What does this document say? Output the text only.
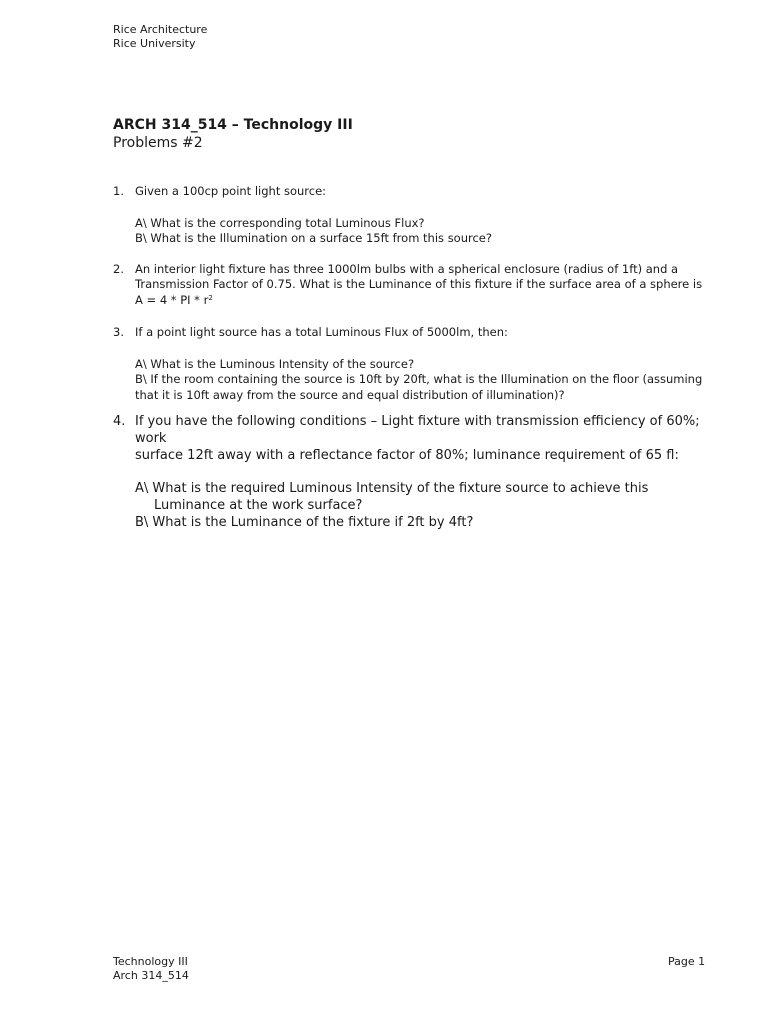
Rice Architecture
Rice University
ARCH 314_514 – Technology III
Problems #2
1. Given a 100cp point light source:
A\ What is the corresponding total Luminous Flux?
B\ What is the Illumination on a surface 15ft from this source?
2. An interior light fixture has three 1000lm bulbs with a spherical enclosure (radius of 1ft) and a
Transmission Factor of 0.75. What is the Luminance of this fixture if the surface area of a sphere is
A = 4 * PI * $r^2$
3. If a point light source has a total Luminous Flux of 5000lm, then:
A\ What is the Luminous Intensity of the source?
B\ If the room containing the source is 10ft by 20ft, what is the Illumination on the floor (assuming
that it is 10ft away from the source and equal distribution of illumination)?
4. If you have the following conditions – Light fixture with transmission efficiency of 60%; work
surface 12ft away with a reflectance factor of 80%; luminance requirement of 65 fl:
A\ What is the required Luminous Intensity of the fixture source to achieve this Luminance at the work surface?
B\ What is the Luminance of the fixture if 2ft by 4ft?
Technology III
Arch 314_514
Page 1
